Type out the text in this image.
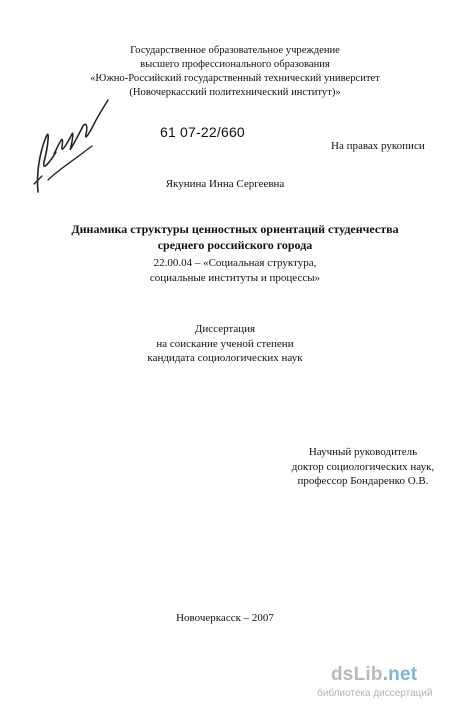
Государственное образовательное учреждение
высшего профессионального образования
«Южно-Российский государственный технический университет
(Новочеркасский политехнический институт)»
61 07-22/660
На правах рукописи
Якунина Инна Сергеевна
Динамика структуры ценностных ориентаций студенчества
среднего российского города
22.00.04 – «Социальная структура,
социальные институты и процессы»
Диссертация
на соискание ученой степени
кандидата социологических наук
Научный руководитель
доктор социологических наук,
профессор Бондаренко О.В.
Новочеркасск – 2007
dsLib.net
библиотека диссертаций
